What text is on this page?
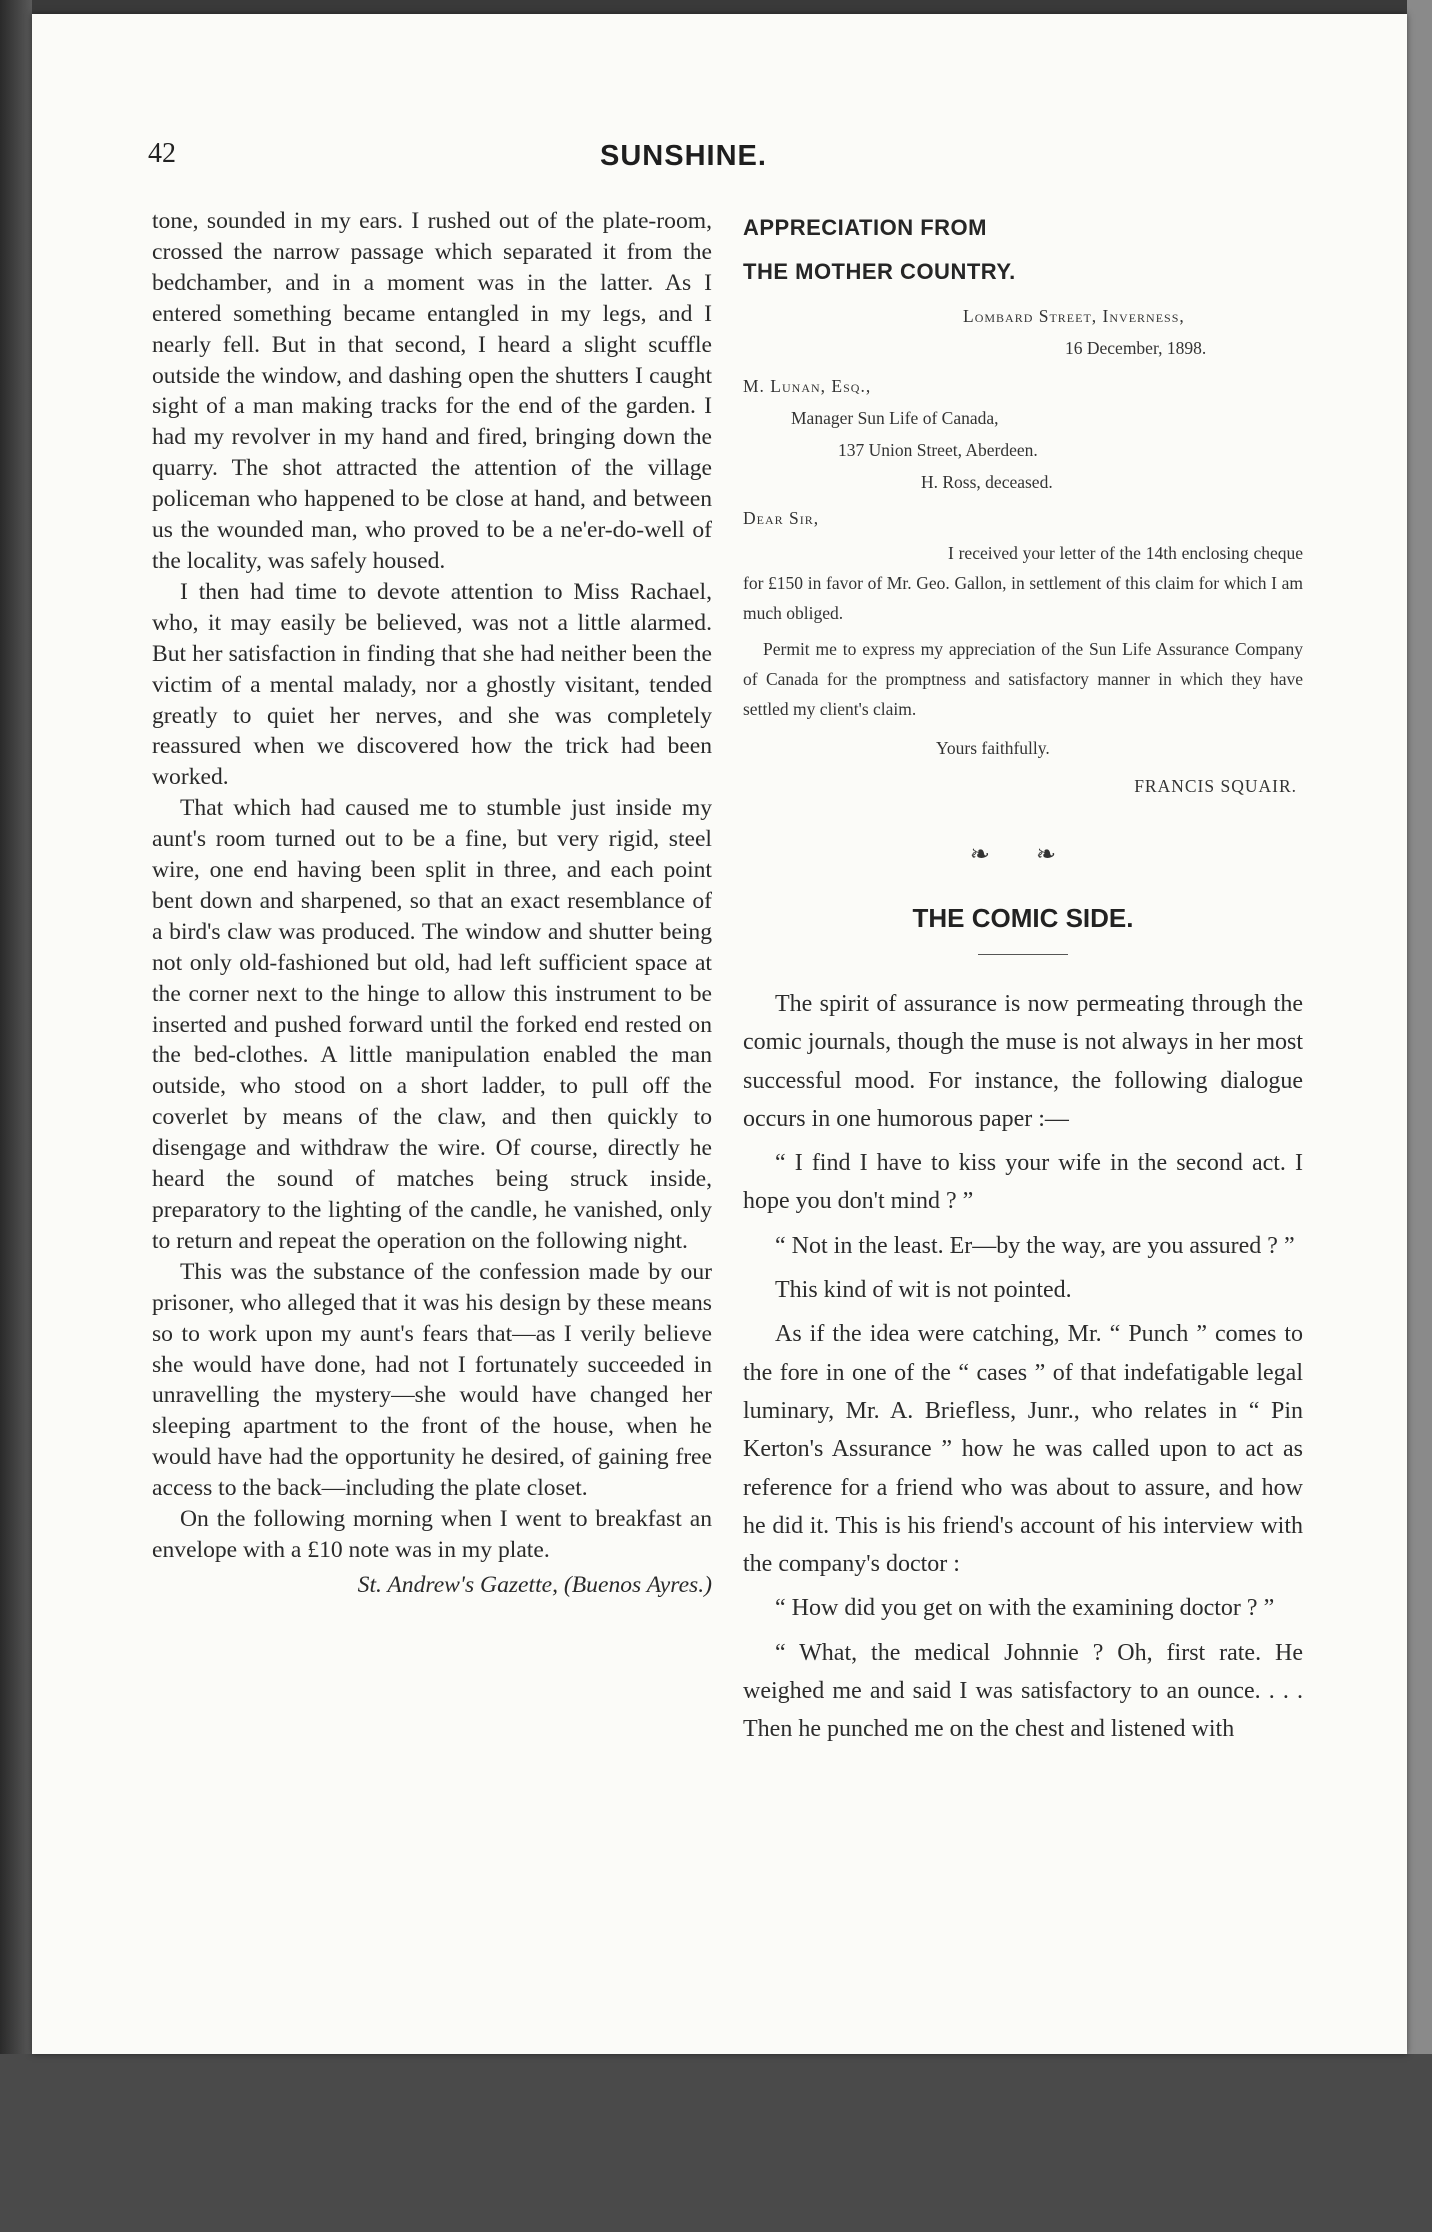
42	SUNSHINE.

tone, sounded in my ears. I rushed out of the plate-room, crossed the narrow passage which separated it from the bedchamber, and in a moment was in the latter. As I entered something became entangled in my legs, and I nearly fell. But in that second, I heard a slight scuffle outside the window, and dashing open the shutters I caught sight of a man making tracks for the end of the garden. I had my revolver in my hand and fired, bringing down the quarry. The shot attracted the attention of the village policeman who happened to be close at hand, and between us the wounded man, who proved to be a ne'er-do-well of the locality, was safely housed.

I then had time to devote attention to Miss Rachael, who, it may easily be believed, was not a little alarmed. But her satisfaction in finding that she had neither been the victim of a mental malady, nor a ghostly visitant, tended greatly to quiet her nerves, and she was completely reassured when we discovered how the trick had been worked.

That which had caused me to stumble just inside my aunt's room turned out to be a fine, but very rigid, steel wire, one end having been split in three, and each point bent down and sharpened, so that an exact resemblance of a bird's claw was produced. The window and shutter being not only old-fashioned but old, had left sufficient space at the corner next to the hinge to allow this instrument to be inserted and pushed forward until the forked end rested on the bed-clothes. A little manipulation enabled the man outside, who stood on a short ladder, to pull off the coverlet by means of the claw, and then quickly to disengage and withdraw the wire. Of course, directly he heard the sound of matches being struck inside, preparatory to the lighting of the candle, he vanished, only to return and repeat the operation on the following night.

This was the substance of the confession made by our prisoner, who alleged that it was his design by these means so to work upon my aunt's fears that—as I verily believe she would have done, had not I fortunately succeeded in unravelling the mystery—she would have changed her sleeping apartment to the front of the house, when he would have had the opportunity he desired, of gaining free access to the back—including the plate closet.

On the following morning when I went to breakfast an envelope with a £10 note was in my plate.

St. Andrew's Gazette, (Buenos Ayres.)
APPRECIATION FROM
THE MOTHER COUNTRY.
Lombard Street, Inverness,
16 December, 1898.
M. Lunan, Esq.,
Manager Sun Life of Canada,
137 Union Street, Aberdeen.
H. Ross, deceased.
Dear Sir,
I received your letter of the 14th enclosing cheque for £150 in favor of Mr. Geo. Gallon, in settlement of this claim for which I am much obliged.
Permit me to express my appreciation of the Sun Life Assurance Company of Canada for the promptness and satisfactory manner in which they have settled my client's claim.
Yours faithfully.
FRANCIS SQUAIR.
❧ ❧
THE COMIC SIDE.

The spirit of assurance is now permeating through the comic journals, though the muse is not always in her most successful mood. For instance, the following dialogue occurs in one humorous paper :—

“ I find I have to kiss your wife in the second act. I hope you don't mind ? ”

“ Not in the least. Er—by the way, are you assured ? ”

This kind of wit is not pointed.

As if the idea were catching, Mr. “ Punch ” comes to the fore in one of the “ cases ” of that indefatigable legal luminary, Mr. A. Briefless, Junr., who relates in “ Pin Kerton's Assurance ” how he was called upon to act as reference for a friend who was about to assure, and how he did it. This is his friend's account of his interview with the company's doctor :

“ How did you get on with the examining doctor ? ”

“ What, the medical Johnnie ? Oh, first rate. He weighed me and said I was satisfactory to an ounce. . . . Then he punched me on the chest and listened with
